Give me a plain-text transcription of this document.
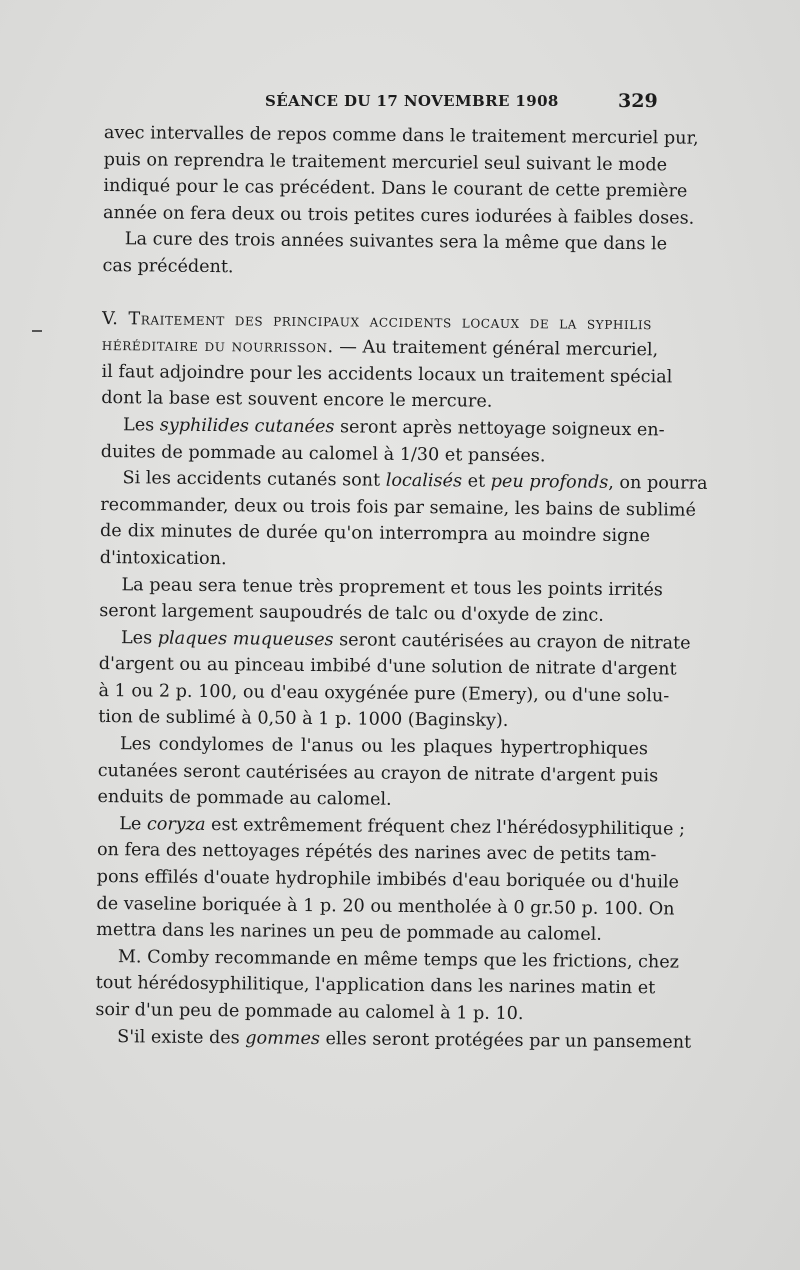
SÉANCE DU 17 NOVEMBRE 1908	329
avec intervalles de repos comme dans le traitement mercuriel pur,
puis on reprendra le traitement mercuriel seul suivant le mode
indiqué pour le cas précédent. Dans le courant de cette première
année on fera deux ou trois petites cures iodurées à faibles doses.
La cure des trois années suivantes sera la même que dans le
cas précédent.
V. Traitement des principaux accidents locaux de la syphilis
héréditaire du nourrisson. — Au traitement général mercuriel,
il faut adjoindre pour les accidents locaux un traitement spécial
dont la base est souvent encore le mercure.
Les syphilides cutanées seront après nettoyage soigneux en-
duites de pommade au calomel à 1/30 et pansées.
Si les accidents cutanés sont localisés et peu profonds, on pourra
recommander, deux ou trois fois par semaine, les bains de sublimé
de dix minutes de durée qu'on interrompra au moindre signe
d'intoxication.
La peau sera tenue très proprement et tous les points irrités
seront largement saupoudrés de talc ou d'oxyde de zinc.
Les plaques muqueuses seront cautérisées au crayon de nitrate
d'argent ou au pinceau imbibé d'une solution de nitrate d'argent
à 1 ou 2 p. 100, ou d'eau oxygénée pure (Emery), ou d'une solu-
tion de sublimé à 0,50 à 1 p. 1000 (Baginsky).
Les condylomes de l'anus ou les plaques hypertrophiques
cutanées seront cautérisées au crayon de nitrate d'argent puis
enduits de pommade au calomel.
Le coryza est extrêmement fréquent chez l'hérédosyphilitique ;
on fera des nettoyages répétés des narines avec de petits tam-
pons effilés d'ouate hydrophile imbibés d'eau boriquée ou d'huile
de vaseline boriquée à 1 p. 20 ou mentholée à 0 gr.50 p. 100. On
mettra dans les narines un peu de pommade au calomel.
M. Comby recommande en même temps que les frictions, chez
tout hérédosyphilitique, l'application dans les narines matin et
soir d'un peu de pommade au calomel à 1 p. 10.
S'il existe des gommes elles seront protégées par un pansement
